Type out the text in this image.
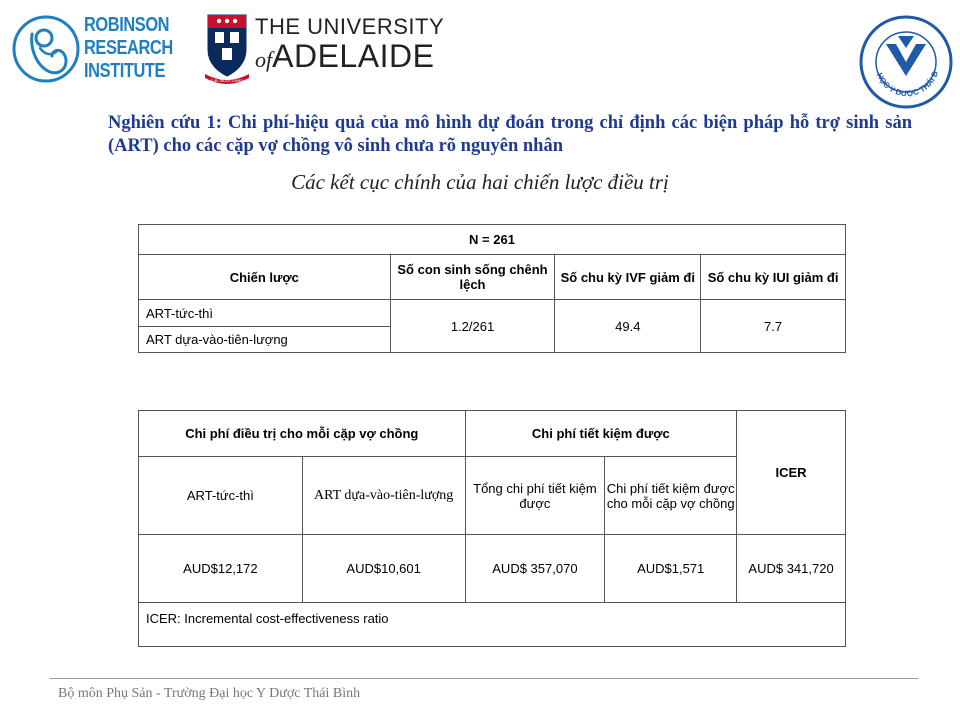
ROBINSON
RESEARCH
INSTITUTE	SUB CRUCE LUMEN
THE UNIVERSITY
ofADELAIDE
HỌC Y DƯỢC THÁI B
Nghiên cứu 1: Chi phí-hiệu quả của mô hình dự đoán trong chỉ định các biện pháp hỗ trợ sinh sản (ART) cho các cặp vợ chồng vô sinh chưa rõ nguyên nhân
Các kết cục chính của hai chiến lược điều trị
N = 261			
Chiến lược	Số con sinh sống chênh lệch	Số chu kỳ IVF giảm đi	Số chu kỳ IUI giảm đi
ART-tức-thì	1.2/261	49.4	7.7
ART dựa-vào-tiên-lượng			
Chi phí điều trị cho mỗi cặp vợ chồng		Chi phí tiết kiệm được		ICER
ART-tức-thì	ART dựa-vào-tiên-lượng	Tổng chi phí tiết kiệm được	Chi phí tiết kiệm được cho mỗi cặp vợ chồng	
AUD$12,172	AUD$10,601	AUD$ 357,070	AUD$1,571	AUD$ 341,720
ICER: Incremental cost-effectiveness ratio				
Bộ môn Phụ Sản - Trường Đại học Y Dược Thái Bình
